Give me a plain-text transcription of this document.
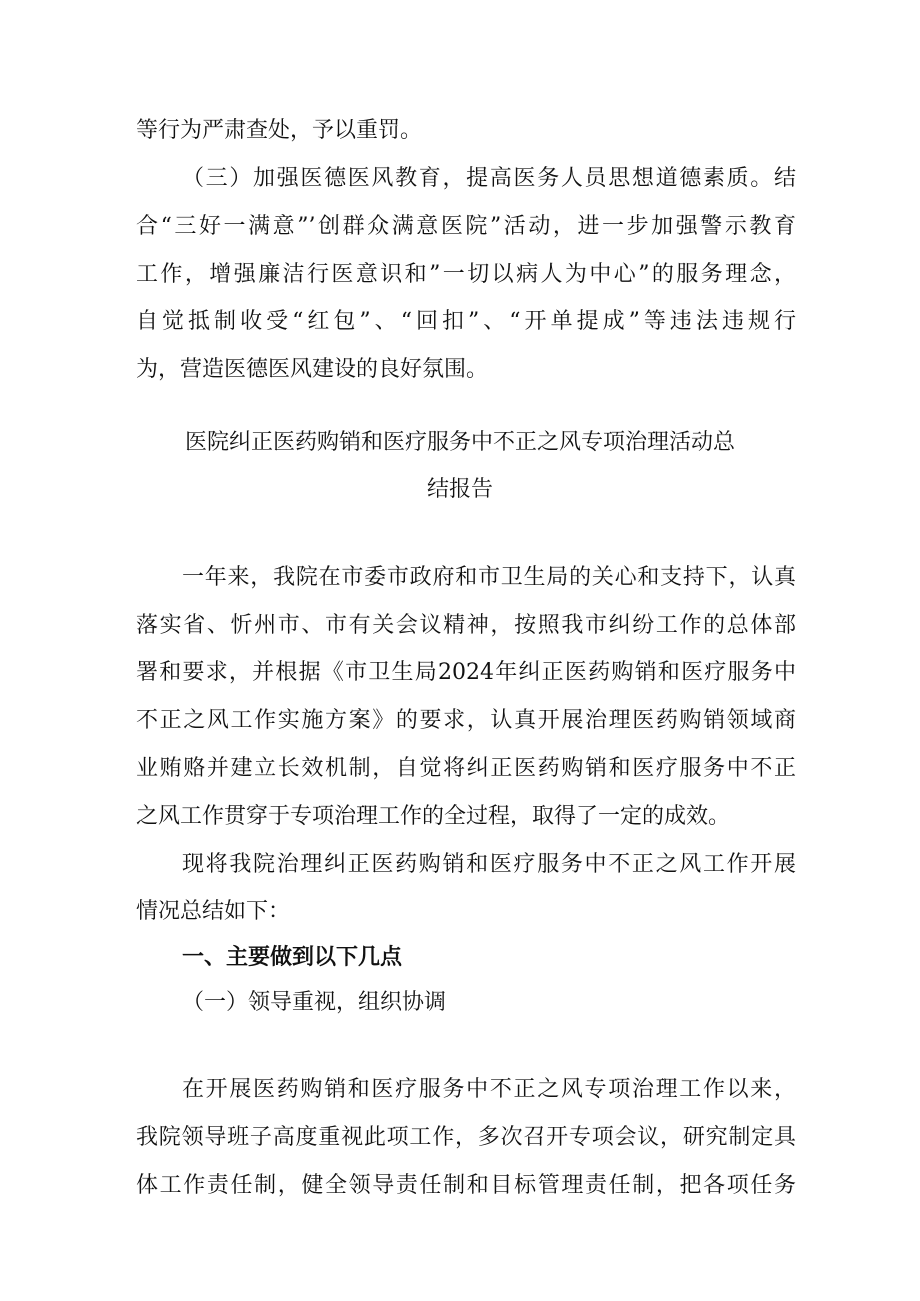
等行为严肃查处，予以重罚。
（三）加强医德医风教育，提高医务人员思想道德素质。结
合“三好一满意”’创群众满意医院”活动，进一步加强警示教育
工作，增强廉洁行医意识和”一切以病人为中心”的服务理念，
自觉抵制收受“红包”、“回扣”、“开单提成”等违法违规行
为，营造医德医风建设的良好氛围。
医院纠正医药购销和医疗服务中不正之风专项治理活动总
结报告
一年来，我院在市委市政府和市卫生局的关心和支持下，认真
落实省、忻州市、市有关会议精神，按照我市纠纷工作的总体部
署和要求，并根据《市卫生局2024年纠正医药购销和医疗服务中
不正之风工作实施方案》的要求，认真开展治理医药购销领域商
业贿赂并建立长效机制，自觉将纠正医药购销和医疗服务中不正
之风工作贯穿于专项治理工作的全过程，取得了一定的成效。
现将我院治理纠正医药购销和医疗服务中不正之风工作开展
情况总结如下：
一、主要做到以下几点
（一）领导重视，组织协调
在开展医药购销和医疗服务中不正之风专项治理工作以来，
我院领导班子高度重视此项工作，多次召开专项会议，研究制定具
体工作责任制，健全领导责任制和目标管理责任制，把各项任务
